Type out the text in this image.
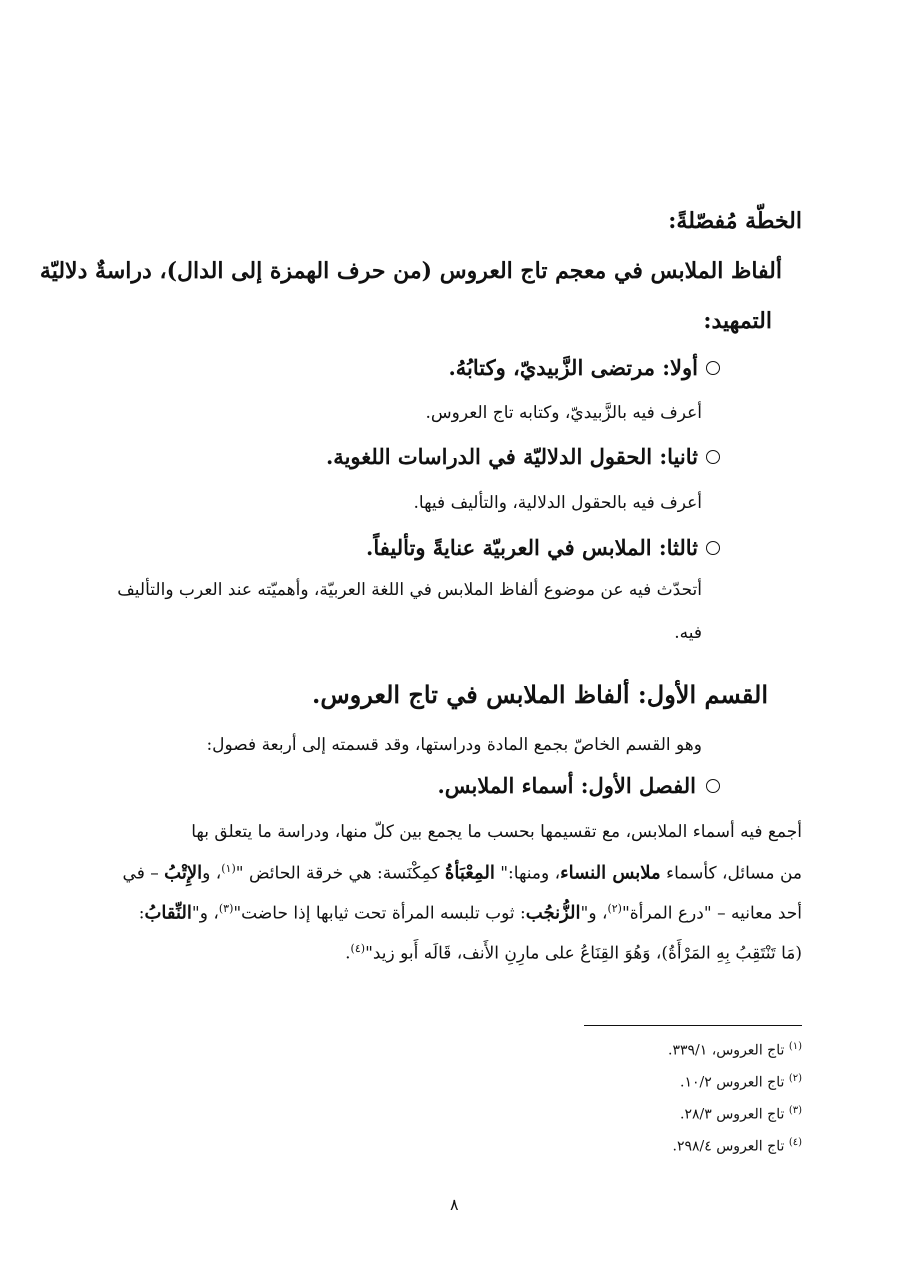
الخطّة مُفصّلةً:
ألفاظ الملابس في معجم تاج العروس (من حرف الهمزة إلى الدال)، دراسةٌ دلاليّة
التمهيد:
أولا: مرتضى الزَّبيديّ، وكتابُهُ.
أعرف فيه بالزَّبيديّ، وكتابه تاج العروس.
ثانيا: الحقول الدلاليّة في الدراسات اللغوية.
أعرف فيه بالحقول الدلالية، والتأليف فيها.
ثالثا: الملابس في العربيّة عنايةً وتأليفاً.
أتحدّث فيه عن موضوع ألفاظ الملابس في اللغة العربيّة، وأهميّته عند العرب والتأليف
فيه.
القسم الأول: ألفاظ الملابس في تاج العروس.
وهو القسم الخاصّ بجمع المادة ودراستها، وقد قسمته إلى أربعة فصول:
الفصل الأول: أسماء الملابس.
أجمع فيه أسماء الملابس، مع تقسيمها بحسب ما يجمع بين كلّ منها، ودراسة ما يتعلق بها
من مسائل، كأسماء ملابس النساء، ومنها:" المِعْبَأةُ كمِكْنَسة: هي خرقة الحائض "$^{(١)}$، والإِتْبُ – في
أحد معانيه – "درع المرأة"$^{(٢)}$، و"الزُّنجُب: ثوب تلبسه المرأة تحت ثيابها إذا حاضت"$^{(٣)}$، و"النِّقابُ:
(مَا تَنْتَقِبُ بِهِ المَرْأَةُ)، وَهُوَ القِنَاعُ على مارِنِ الأَنف، قَالَه أَبو زيد"$^{(٤)}$.
$^{(١)}$ تاج العروس، ٣٣٩/١.
$^{(٢)}$ تاج العروس ١٠/٢.
$^{(٣)}$ تاج العروس ٢٨/٣.
$^{(٤)}$ تاج العروس ٢٩٨/٤.
٨
